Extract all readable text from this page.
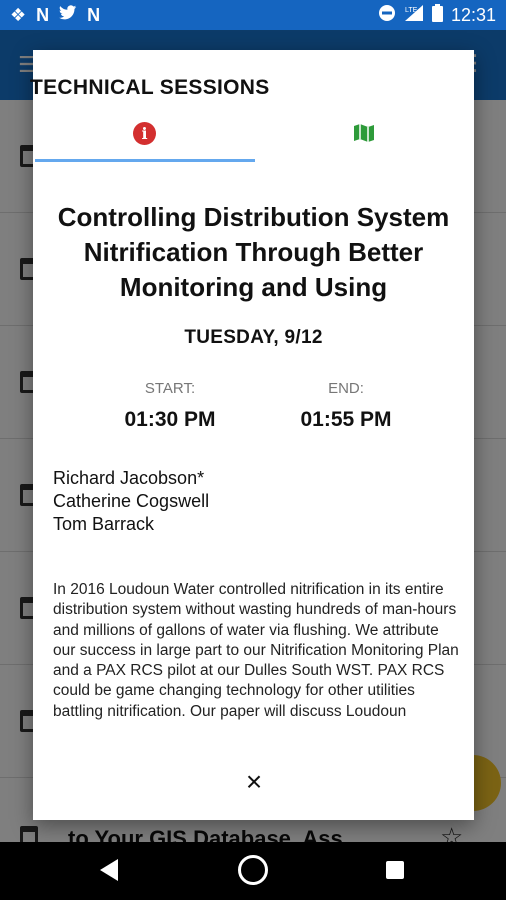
❖ N N	LTE 12:31
TECHNICAL SESSIONS
i
Controlling Distribution System Nitrification Through Better Monitoring and Using
TUESDAY, 9/12
START:	END:
01:30 PM	01:55 PM
Richard Jacobson*
Catherine Cogswell
Tom Barrack
In 2016 Loudoun Water controlled nitrification in its entire distribution system without wasting hundreds of man-hours and millions of gallons of water via flushing. We attribute our success in large part to our Nitrification Monitoring Plan and a PAX RCS pilot at our Dulles South WST. PAX RCS could be game changing technology for other utilities battling nitrification. Our paper will discuss Loudoun
×
